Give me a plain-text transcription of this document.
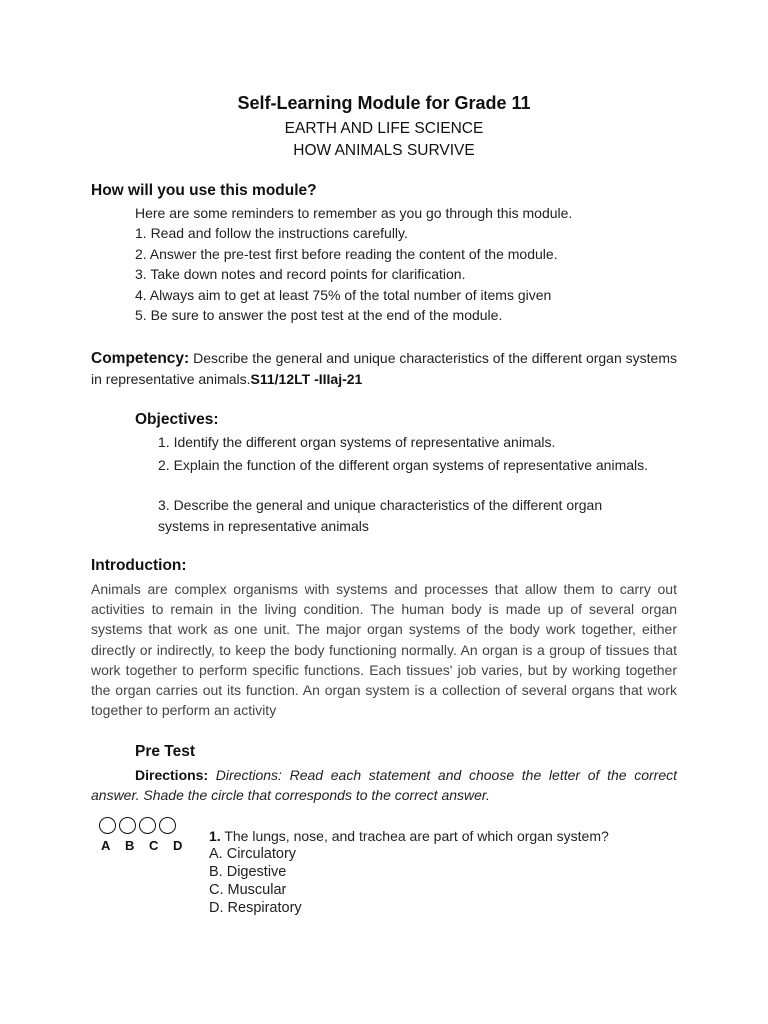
Self-Learning Module for Grade 11
EARTH AND LIFE SCIENCE
HOW ANIMALS SURVIVE
How will you use this module?
Here are some reminders to remember as you go through this module.
1. Read and follow the instructions carefully.
2. Answer the pre-test first before reading the content of the module.
3. Take down notes and record points for clarification.
4. Always aim to get at least 75% of the total number of items given
5. Be sure to answer the post test at the end of the module.
Competency: Describe the general and unique characteristics of the different organ systems in representative animals.S11/12LT -IIIaj-21
Objectives:
1. Identify the different organ systems of representative animals.
2. Explain the function of the different organ systems of representative animals.
3. Describe the general and unique characteristics of the different organ systems in representative animals
Introduction:
Animals are complex organisms with systems and processes that allow them to carry out activities to remain in the living condition. The human body is made up of several organ systems that work as one unit. The major organ systems of the body work together, either directly or indirectly, to keep the body functioning normally. An organ is a group of tissues that work together to perform specific functions. Each tissues' job varies, but by working together the organ carries out its function. An organ system is a collection of several organs that work together to perform an activity
Pre Test
Directions: Directions: Read each statement and choose the letter of the correct answer. Shade the circle that corresponds to the correct answer.
A B C D
1. The lungs, nose, and trachea are part of which organ system?
A. Circulatory
B. Digestive
C. Muscular
D. Respiratory
